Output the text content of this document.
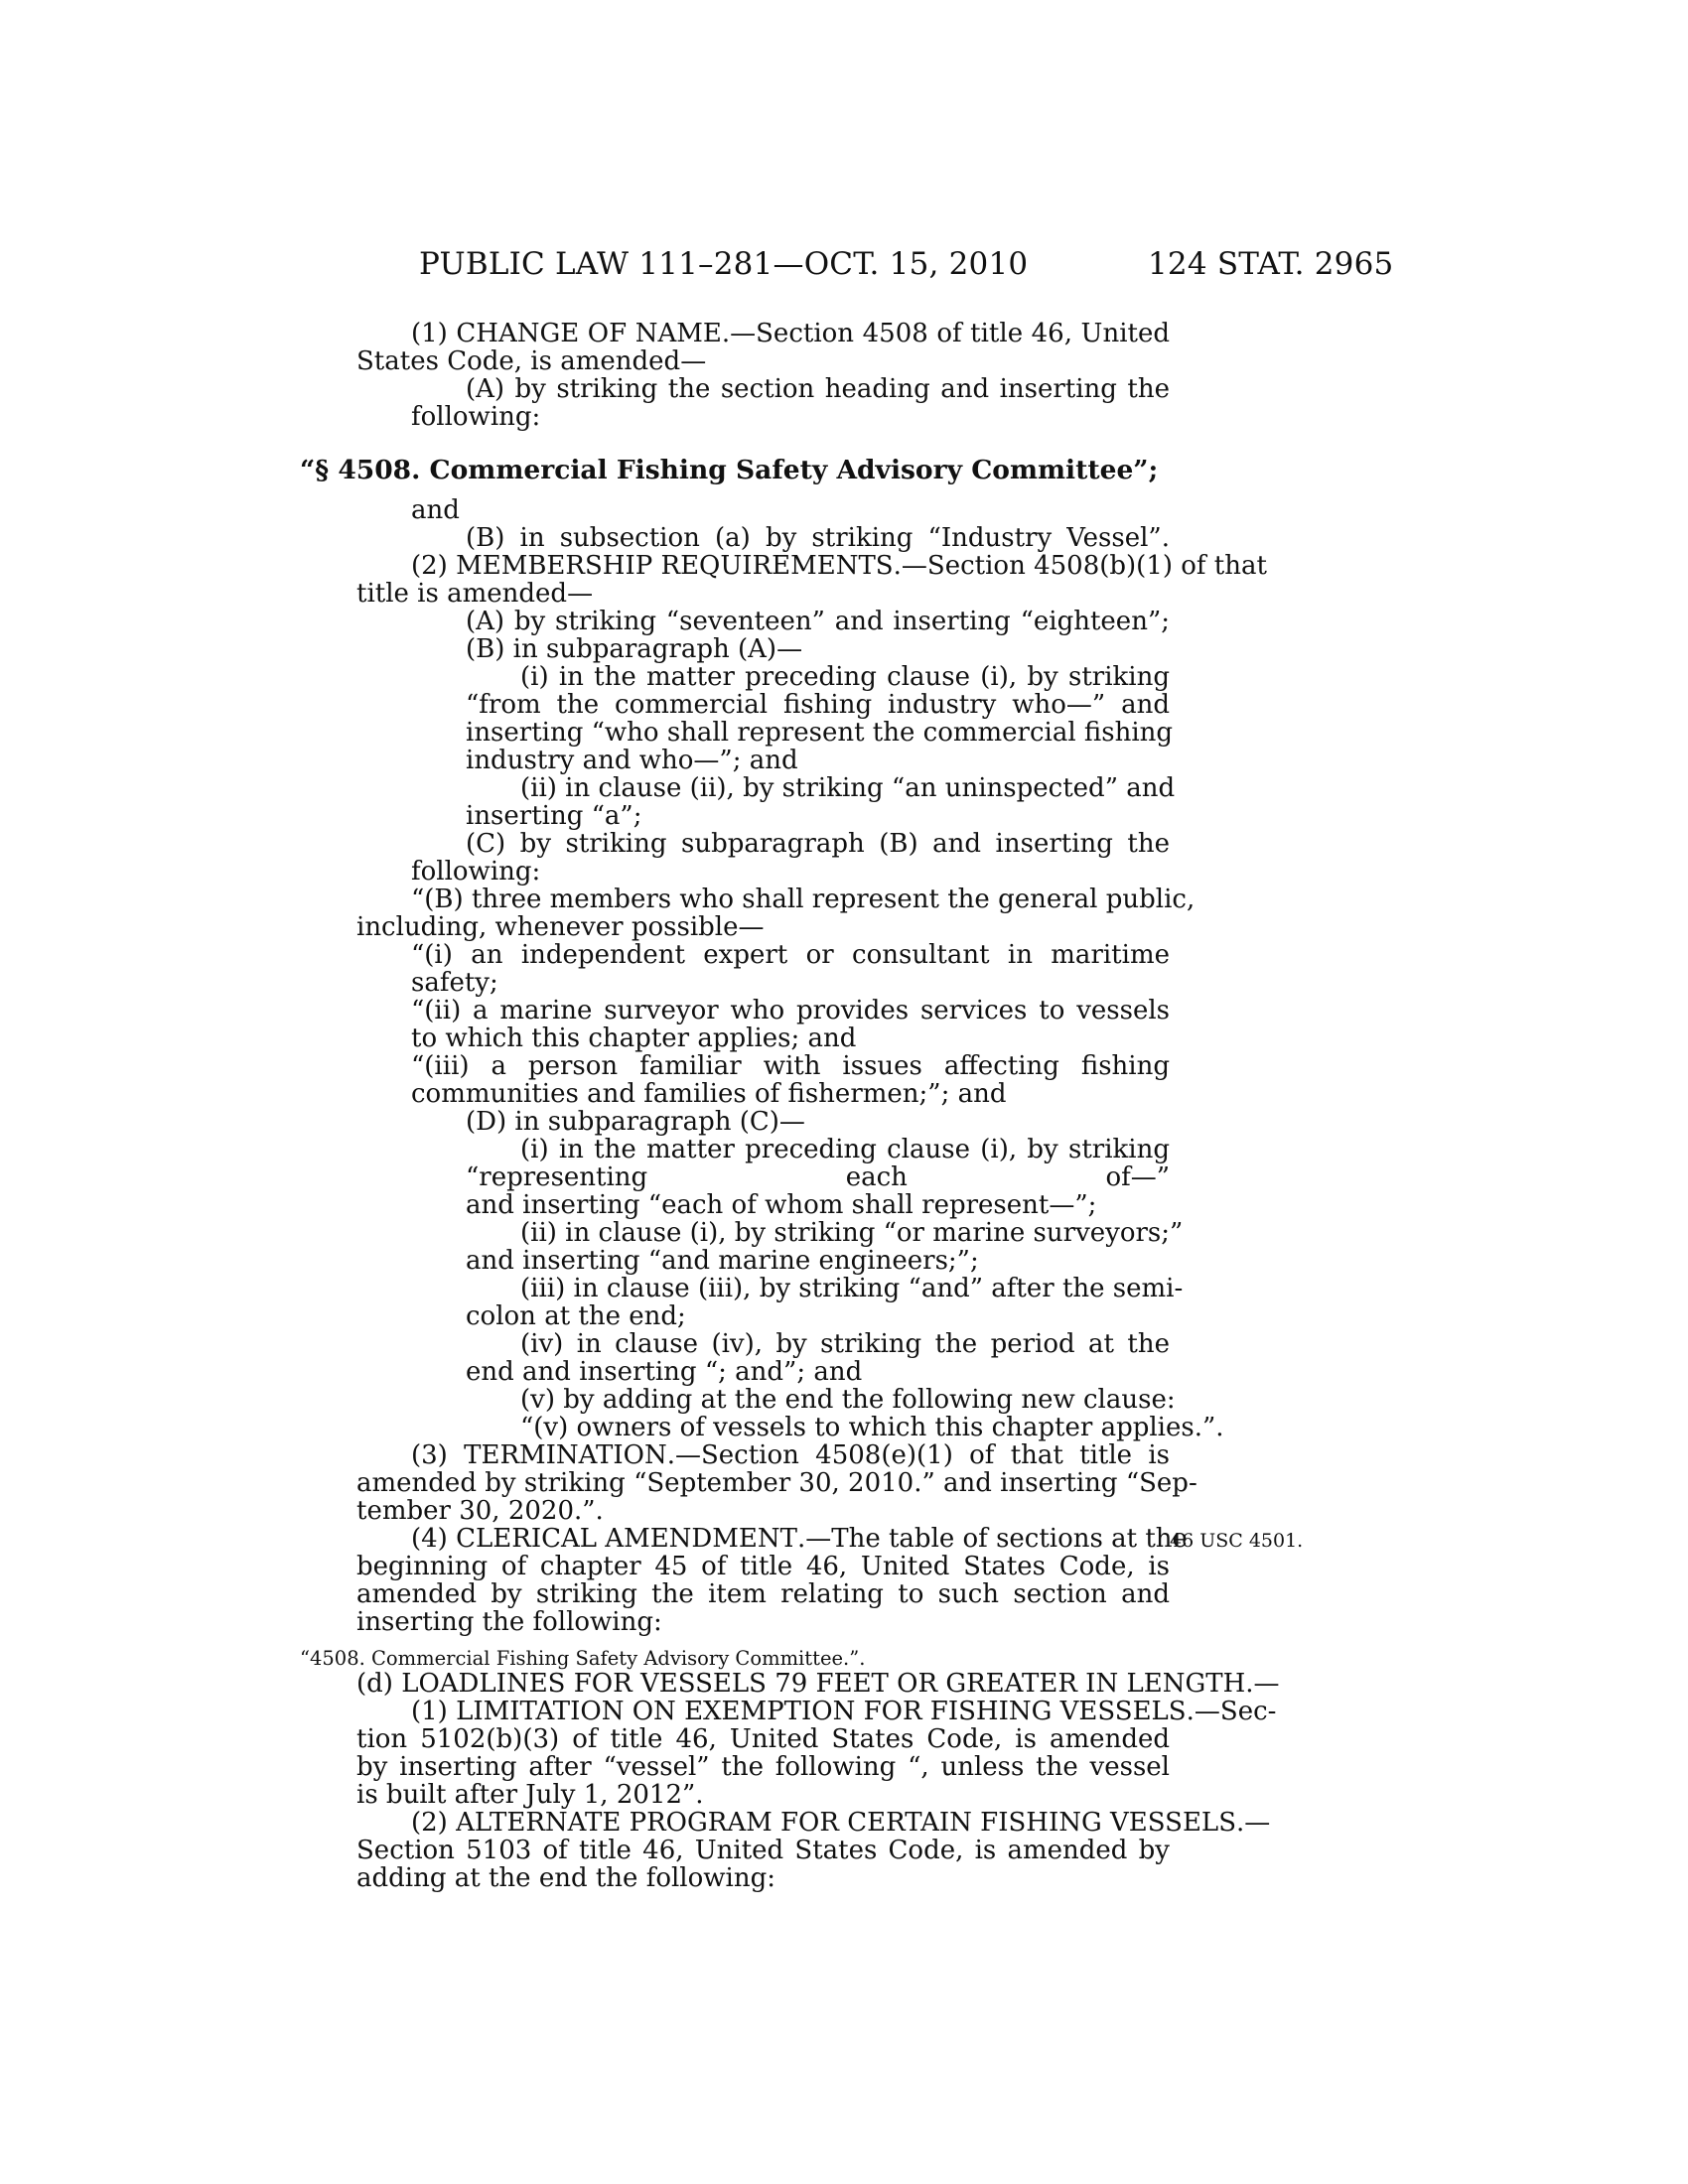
PUBLIC LAW 111–281—OCT. 15, 2010	124 STAT. 2965
(1) CHANGE OF NAME.—Section 4508 of title 46, United
States Code, is amended—
(A) by striking the section heading and inserting the
following:
“§ 4508. Commercial Fishing Safety Advisory Committee”;
and
(B) in subsection (a) by striking “Industry Vessel”.
(2) MEMBERSHIP REQUIREMENTS.—Section 4508(b)(1) of that
title is amended—
(A) by striking “seventeen” and inserting “eighteen”;
(B) in subparagraph (A)—
(i) in the matter preceding clause (i), by striking
“from the commercial fishing industry who—” and
inserting “who shall represent the commercial fishing
industry and who—”; and
(ii) in clause (ii), by striking “an uninspected” and
inserting “a”;
(C) by striking subparagraph (B) and inserting the
following:
“(B) three members who shall represent the general public,
including, whenever possible—
“(i) an independent expert or consultant in maritime
safety;
“(ii) a marine surveyor who provides services to vessels
to which this chapter applies; and
“(iii) a person familiar with issues affecting fishing
communities and families of fishermen;”; and
(D) in subparagraph (C)—
(i) in the matter preceding clause (i), by striking
“representing	each	of—”
and inserting “each of whom shall represent—”;
(ii) in clause (i), by striking “or marine surveyors;”
and inserting “and marine engineers;”;
(iii) in clause (iii), by striking “and” after the semi-
colon at the end;
(iv) in clause (iv), by striking the period at the
end and inserting “; and”; and
(v) by adding at the end the following new clause:
“(v) owners of vessels to which this chapter applies.”.
(3) TERMINATION.—Section 4508(e)(1) of that title is
amended by striking “September 30, 2010.” and inserting “Sep-
tember 30, 2020.”.
(4) CLERICAL AMENDMENT.—The table of sections at the
46 USC 4501.
beginning of chapter 45 of title 46, United States Code, is
amended by striking the item relating to such section and
inserting the following:
“4508. Commercial Fishing Safety Advisory Committee.”.
(d) LOADLINES FOR VESSELS 79 FEET OR GREATER IN LENGTH.—
(1) LIMITATION ON EXEMPTION FOR FISHING VESSELS.—Sec-
tion 5102(b)(3) of title 46, United States Code, is amended
by inserting after “vessel” the following “, unless the vessel
is built after July 1, 2012”.
(2) ALTERNATE PROGRAM FOR CERTAIN FISHING VESSELS.—
Section 5103 of title 46, United States Code, is amended by
adding at the end the following:
